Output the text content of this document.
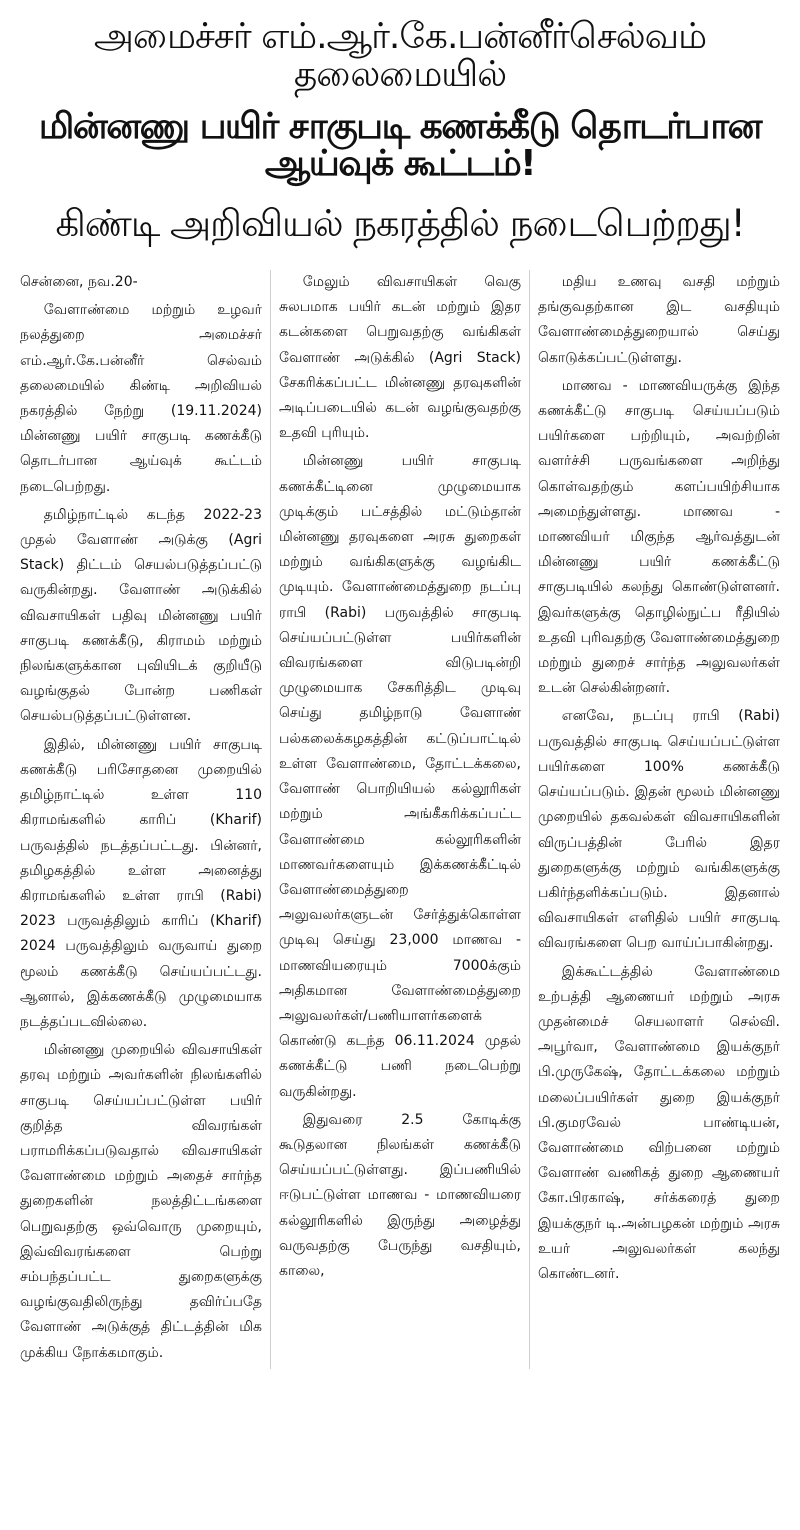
அமைச்சர் எம்.ஆர்.கே.பன்னீர்செல்வம் தலைமையில்
மின்னணு பயிர் சாகுபடி கணக்கீடு தொடர்பான ஆய்வுக் கூட்டம்!
கிண்டி அறிவியல் நகரத்தில் நடைபெற்றது!

சென்னை, நவ.20-

வேளாண்மை மற்றும் உழவர் நலத்துறை அமைச்சர் எம்.ஆர்.கே.பன்னீர் செல்வம் தலைமையில் கிண்டி அறிவியல் நகரத்தில் நேற்று (19.11.2024) மின்னணு பயிர் சாகுபடி கணக்கீடு தொடர்பான ஆய்வுக் கூட்டம் நடைபெற்றது.

தமிழ்நாட்டில் கடந்த 2022-23 முதல் வேளாண் அடுக்கு (Agri Stack) திட்டம் செயல்படுத்தப்பட்டு வருகின்றது. வேளாண் அடுக்கில் விவசாயிகள் பதிவு மின்னணு பயிர் சாகுபடி கணக்கீடு, கிராமம் மற்றும் நிலங்களுக்கான புவியிடக் குறியீடு வழங்குதல் போன்ற பணிகள் செயல்படுத்தப்பட்டுள்ளன.

இதில், மின்னணு பயிர் சாகுபடி கணக்கீடு பரிசோதனை முறையில் தமிழ்நாட்டில் உள்ள 110 கிராமங்களில் காரிப் (Kharif) பருவத்தில் நடத்தப்பட்டது. பின்னர், தமிழகத்தில் உள்ள அனைத்து கிராமங்களில் உள்ள ராபி (Rabi) 2023 பருவத்திலும் காரிப் (Kharif) 2024 பருவத்திலும் வருவாய் துறை மூலம் கணக்கீடு செய்யப்பட்டது. ஆனால், இக்கணக்கீடு முழுமையாக நடத்தப்படவில்லை.

மின்னணு முறையில் விவசாயிகள் தரவு மற்றும் அவர்களின் நிலங்களில் சாகுபடி செய்யப்பட்டுள்ள பயிர் குறித்த விவரங்கள் பராமரிக்கப்படுவதால் விவசாயிகள் வேளாண்மை மற்றும் அதைச் சார்ந்த துறைகளின் நலத்திட்டங்களை பெறுவதற்கு ஒவ்வொரு முறையும், இவ்விவரங்களை பெற்று சம்பந்தப்பட்ட துறைகளுக்கு வழங்குவதிலிருந்து தவிர்ப்பதே வேளாண் அடுக்குத் திட்டத்தின் மிக முக்கிய நோக்கமாகும்.

மேலும் விவசாயிகள் வெகு சுலபமாக பயிர் கடன் மற்றும் இதர கடன்களை பெறுவதற்கு வங்கிகள் வேளாண் அடுக்கில் (Agri Stack) சேகரிக்கப்பட்ட மின்னணு தரவுகளின் அடிப்படையில் கடன் வழங்குவதற்கு உதவி புரியும்.

மின்னணு பயிர் சாகுபடி கணக்கீட்டினை முழுமையாக முடிக்கும் பட்சத்தில் மட்டும்தான் மின்னணு தரவுகளை அரசு துறைகள் மற்றும் வங்கிகளுக்கு வழங்கிட முடியும். வேளாண்மைத்துறை நடப்பு ராபி (Rabi) பருவத்தில் சாகுபடி செய்யப்பட்டுள்ள பயிர்களின் விவரங்களை விடுபடின்றி முழுமையாக சேகரித்திட முடிவு செய்து தமிழ்நாடு வேளாண் பல்கலைக்கழகத்தின் கட்டுப்பாட்டில் உள்ள வேளாண்மை, தோட்டக்கலை, வேளாண் பொறியியல் கல்லூரிகள் மற்றும் அங்கீகரிக்கப்பட்ட வேளாண்மை கல்லூரிகளின் மாணவர்களையும் இக்கணக்கீட்டில் வேளாண்மைத்துறை அலுவலர்களுடன் சேர்த்துக்கொள்ள முடிவு செய்து 23,000 மாணவ - மாணவியரையும் 7000க்கும் அதிகமான வேளாண்மைத்துறை அலுவலர்கள்/பணியாளர்களைக் கொண்டு கடந்த 06.11.2024 முதல் கணக்கீட்டு பணி நடைபெற்று வருகின்றது.

இதுவரை 2.5 கோடிக்கு கூடுதலான நிலங்கள் கணக்கீடு செய்யப்பட்டுள்ளது. இப்பணியில் ஈடுபட்டுள்ள மாணவ - மாணவியரை கல்லூரிகளில் இருந்து அழைத்து வருவதற்கு பேருந்து வசதியும், காலை,

மதிய உணவு வசதி மற்றும் தங்குவதற்கான இட வசதியும் வேளாண்மைத்துறையால் செய்து கொடுக்கப்பட்டுள்ளது.

மாணவ - மாணவியருக்கு இந்த கணக்கீட்டு சாகுபடி செய்யப்படும் பயிர்களை பற்றியும், அவற்றின் வளர்ச்சி பருவங்களை அறிந்து கொள்வதற்கும் களப்பயிற்சியாக அமைந்துள்ளது. மாணவ - மாணவியர் மிகுந்த ஆர்வத்துடன் மின்னணு பயிர் கணக்கீட்டு சாகுபடியில் கலந்து கொண்டுள்ளனர். இவர்களுக்கு தொழில்நுட்ப ரீதியில் உதவி புரிவதற்கு வேளாண்மைத்துறை மற்றும் துறைச் சார்ந்த அலுவலர்கள் உடன் செல்கின்றனர்.

எனவே, நடப்பு ராபி (Rabi) பருவத்தில் சாகுபடி செய்யப்பட்டுள்ள பயிர்களை 100% கணக்கீடு செய்யப்படும். இதன் மூலம் மின்னணு முறையில் தகவல்கள் விவசாயிகளின் விருப்பத்தின் பேரில் இதர துறைகளுக்கு மற்றும் வங்கிகளுக்கு பகிர்ந்தளிக்கப்படும். இதனால் விவசாயிகள் எளிதில் பயிர் சாகுபடி விவரங்களை பெற வாய்ப்பாகின்றது.

இக்கூட்டத்தில் வேளாண்மை உற்பத்தி ஆணையர் மற்றும் அரசு முதன்மைச் செயலாளர் செல்வி. அபூர்வா, வேளாண்மை இயக்குநர் பி.முருகேஷ், தோட்டக்கலை மற்றும் மலைப்பயிர்கள் துறை இயக்குநர் பி.குமரவேல் பாண்டியன், வேளாண்மை விற்பனை மற்றும் வேளாண் வணிகத் துறை ஆணையர் கோ.பிரகாஷ், சர்க்கரைத் துறை இயக்குநர் டி.அன்பழகன் மற்றும் அரசு உயர் அலுவலர்கள் கலந்து கொண்டனர்.
